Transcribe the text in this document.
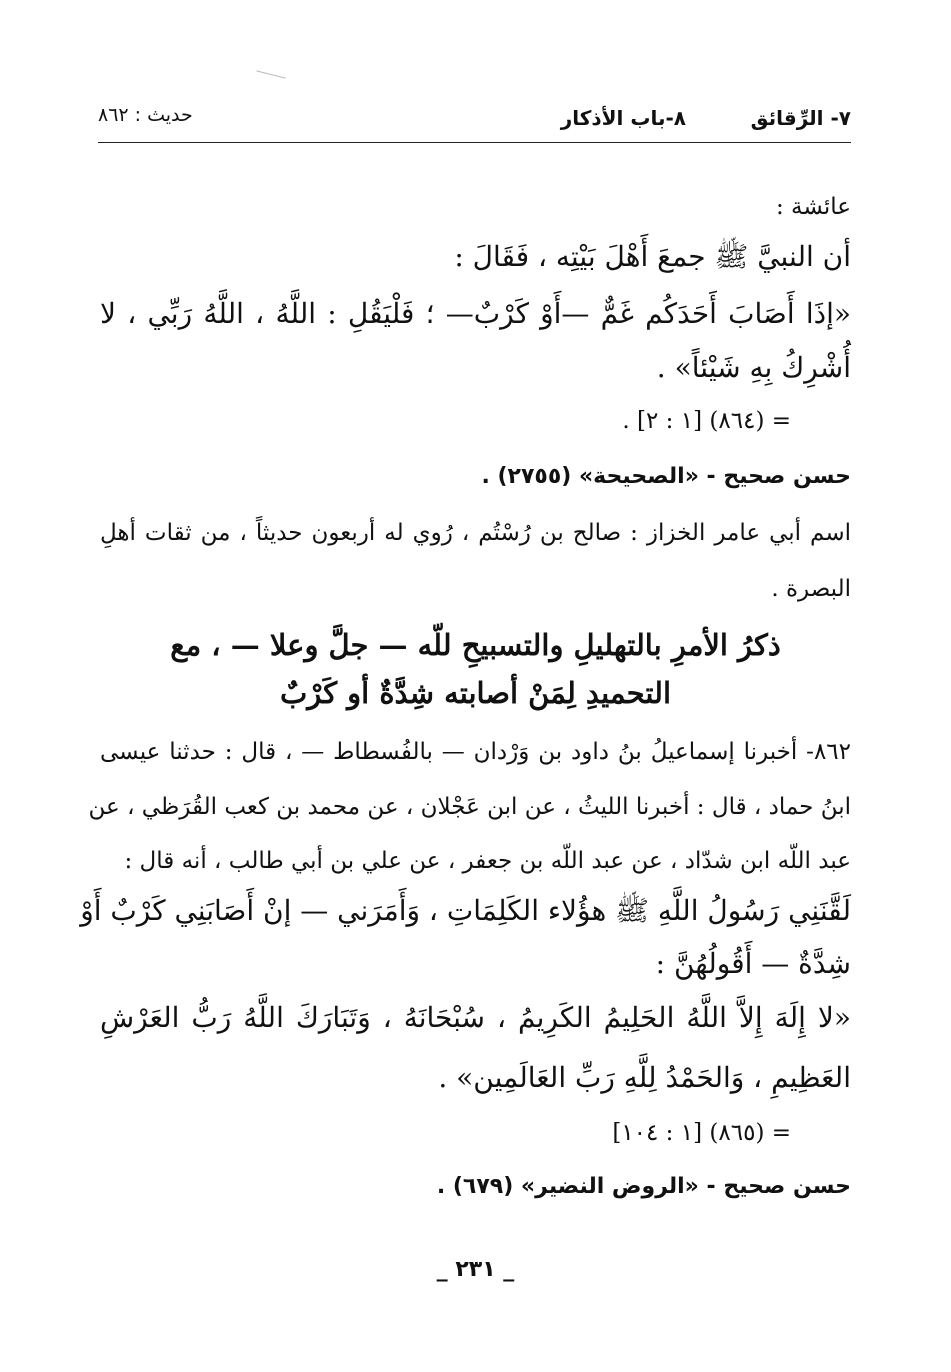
٧- الرِّقائق
٨-باب الأذكار
حديث : ٨٦٢
عائشة :
أن النبيَّ ﷺ جمعَ أَهْلَ بَيْتِه ، فَقَالَ :
«إذَا أَصَابَ أَحَدَكُم غَمٌّ —أَوْ كَرْبٌ— ؛ فَلْيَقُلِ : اللَّهُ ، اللَّهُ رَبِّي ، لا
أُشْرِكُ بِهِ شَيْئاً» .
= (٨٦٤) [١ : ٢] .
حسن صحيح - «الصحيحة» (٢٧٥٥) .
اسم أبي عامر الخزاز : صالح بن رُسْتُم ، رُوي له أربعون حديثاً ، من ثقات أهلِ
البصرة .
ذكرُ الأمرِ بالتهليلِ والتسبيحِ للّه — جلَّ وعلا — ، مع
التحميدِ لِمَنْ أصابته شِدَّةٌ أو كَرْبٌ
٨٦٢- أخبرنا إسماعيلُ بنُ داود بن وَرْدان — بالفُسطاط — ، قال : حدثنا عيسى
ابنُ حماد ، قال : أخبرنا الليثُ ، عن ابن عَجْلان ، عن محمد بن كعب القُرَظي ، عن
عبد اللّه ابن شدّاد ، عن عبد اللّه بن جعفر ، عن علي بن أبي طالب ، أنه قال :
لَقَّنَنِي رَسُولُ اللَّهِ ﷺ هؤُلاء الكَلِمَاتِ ، وَأَمَرَني — إنْ أَصَابَنِي كَرْبٌ أَوْ
شِدَّةٌ — أَقُولُهُنَّ :
«لا إِلَهَ إِلاَّ اللَّهُ الحَلِيمُ الكَرِيمُ ، سُبْحَانَهُ ، وَتَبَارَكَ اللَّهُ رَبُّ العَرْشِ
العَظِيمِ ، وَالحَمْدُ لِلَّهِ رَبِّ العَالَمِين» .
= (٨٦٥) [١ : ١٠٤]
حسن صحيح - «الروض النضير» (٦٧٩) .
_ ٢٣١ _
